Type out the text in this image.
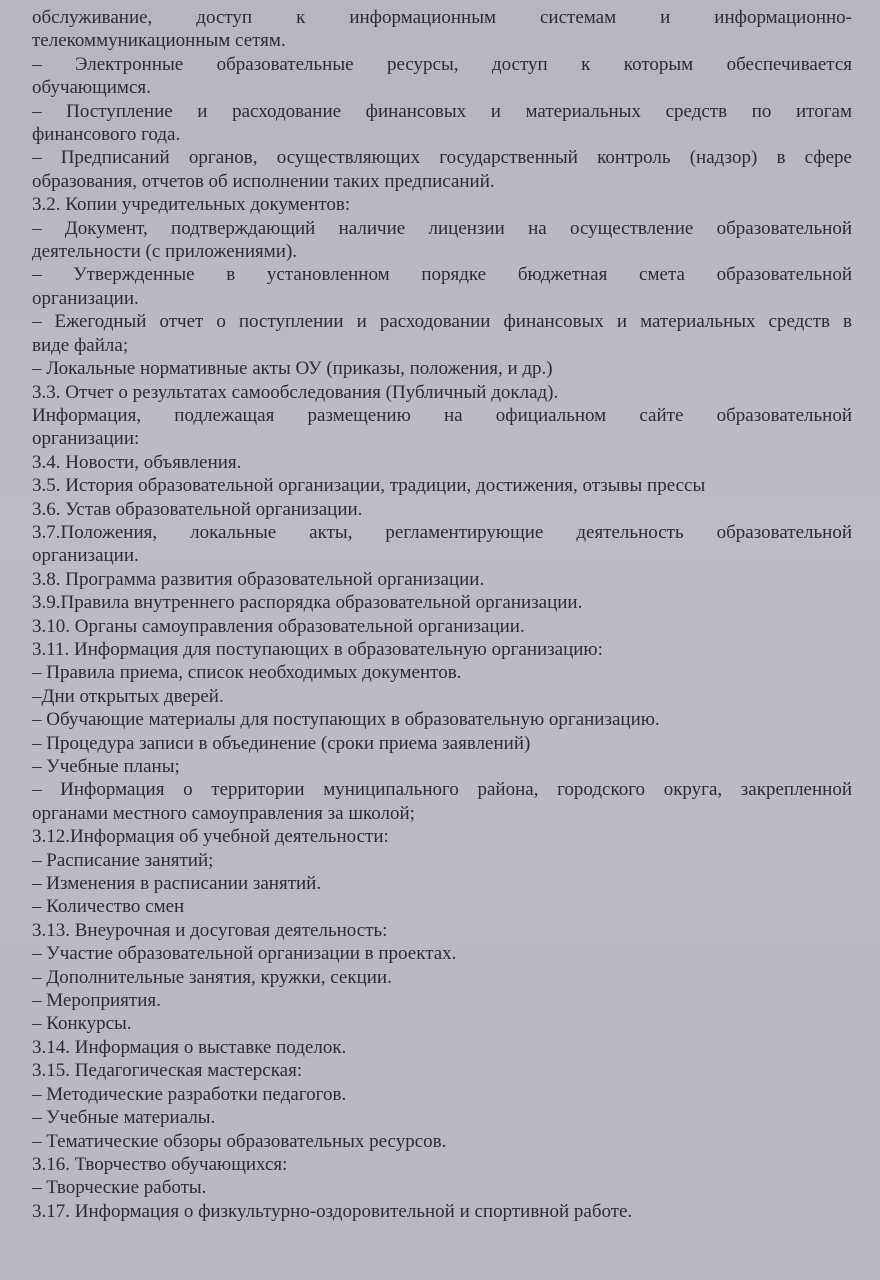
обслуживание, доступ к информационным системам и информационно-
телекоммуникационным сетям.
– Электронные образовательные ресурсы, доступ к которым обеспечивается
обучающимся.
– Поступление и расходование финансовых и материальных средств по итогам
финансового года.
– Предписаний органов, осуществляющих государственный контроль (надзор) в сфере
образования, отчетов об исполнении таких предписаний.
3.2. Копии учредительных документов:
– Документ, подтверждающий наличие лицензии на осуществление образовательной
деятельности (с приложениями).
– Утвержденные в установленном порядке бюджетная смета образовательной
организации.
– Ежегодный отчет о поступлении и расходовании финансовых и материальных средств в
виде файла;
– Локальные нормативные акты ОУ (приказы, положения, и др.)
3.3. Отчет о результатах самообследования (Публичный доклад).
Информация, подлежащая размещению на официальном сайте образовательной
организации:
3.4. Новости, объявления.
3.5. История образовательной организации, традиции, достижения, отзывы прессы
3.6. Устав образовательной организации.
3.7.Положения, локальные акты, регламентирующие деятельность образовательной
организации.
3.8. Программа развития образовательной организации.
3.9.Правила внутреннего распорядка образовательной организации.
3.10. Органы самоуправления образовательной организации.
3.11. Информация для поступающих в образовательную организацию:
– Правила приема, список необходимых документов.
–Дни открытых дверей.
– Обучающие материалы для поступающих в образовательную организацию.
– Процедура записи в объединение (сроки приема заявлений)
– Учебные планы;
– Информация о территории муниципального района, городского округа, закрепленной
органами местного самоуправления за школой;
3.12.Информация об учебной деятельности:
– Расписание занятий;
– Изменения в расписании занятий.
– Количество смен
3.13. Внеурочная и досуговая деятельность:
– Участие образовательной организации в проектах.
– Дополнительные занятия, кружки, секции.
– Мероприятия.
– Конкурсы.
3.14. Информация о выставке поделок.
3.15. Педагогическая мастерская:
– Методические разработки педагогов.
– Учебные материалы.
– Тематические обзоры образовательных ресурсов.
3.16. Творчество обучающихся:
– Творческие работы.
3.17. Информация о физкультурно-оздоровительной и спортивной работе.
